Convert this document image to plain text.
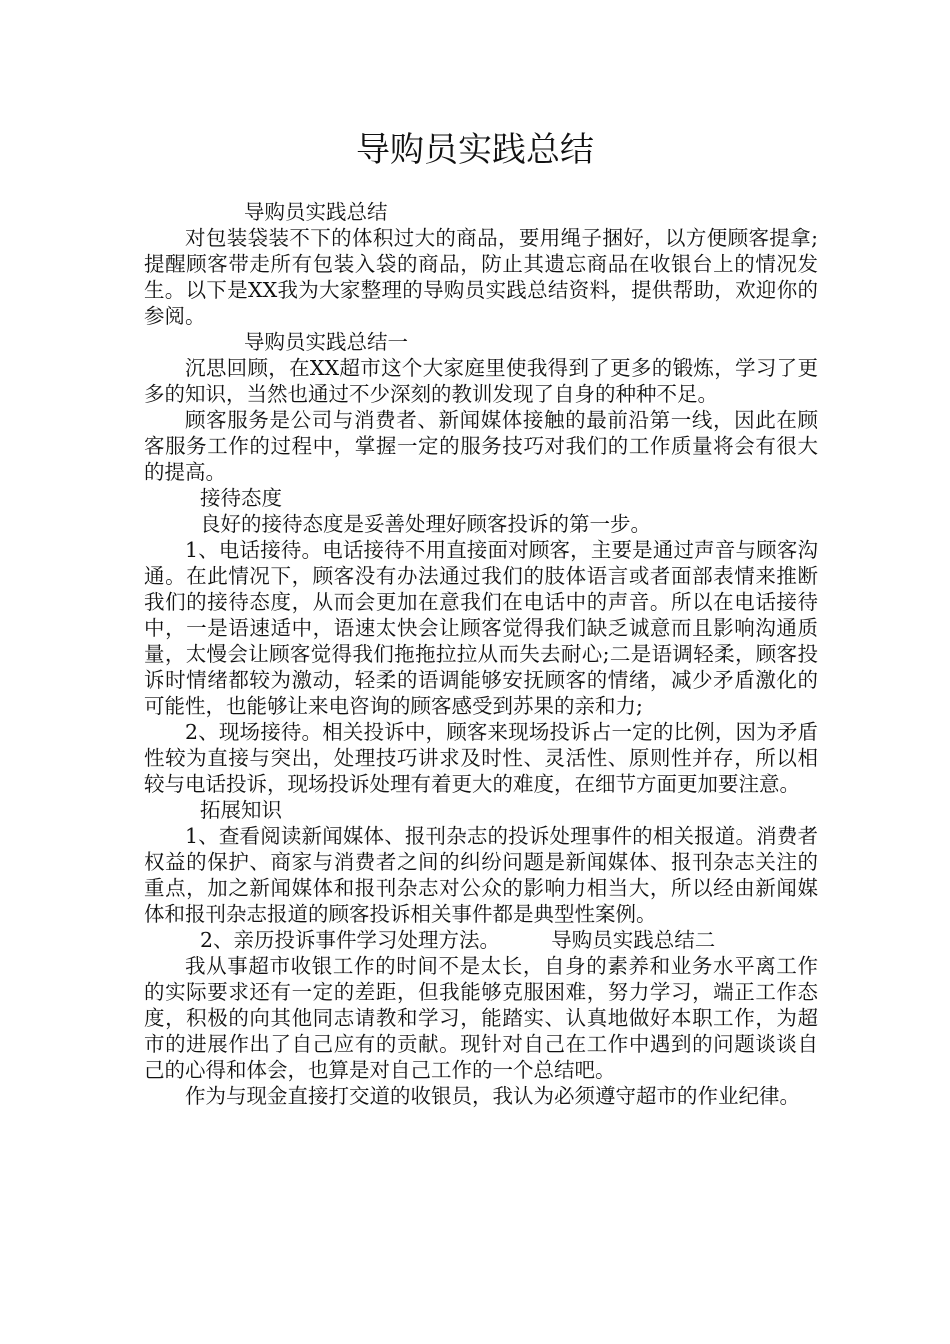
导购员实践总结

导购员实践总结

对包装袋装不下的体积过大的商品，要用绳子捆好，以方便顾客提拿;提醒顾客带走所有包装入袋的商品，防止其遗忘商品在收银台上的情况发生。以下是XX我为大家整理的导购员实践总结资料，提供帮助，欢迎你的参阅。

导购员实践总结一

沉思回顾，在XX超市这个大家庭里使我得到了更多的锻炼，学习了更多的知识，当然也通过不少深刻的教训发现了自身的种种不足。

顾客服务是公司与消费者、新闻媒体接触的最前沿第一线，因此在顾客服务工作的过程中，掌握一定的服务技巧对我们的工作质量将会有很大的提高。

接待态度

良好的接待态度是妥善处理好顾客投诉的第一步。

1、电话接待。电话接待不用直接面对顾客，主要是通过声音与顾客沟通。在此情况下，顾客没有办法通过我们的肢体语言或者面部表情来推断我们的接待态度，从而会更加在意我们在电话中的声音。所以在电话接待中，一是语速适中，语速太快会让顾客觉得我们缺乏诚意而且影响沟通质量，太慢会让顾客觉得我们拖拖拉拉从而失去耐心;二是语调轻柔，顾客投诉时情绪都较为激动，轻柔的语调能够安抚顾客的情绪，减少矛盾激化的可能性，也能够让来电咨询的顾客感受到苏果的亲和力;

2、现场接待。相关投诉中，顾客来现场投诉占一定的比例，因为矛盾性较为直接与突出，处理技巧讲求及时性、灵活性、原则性并存，所以相较与电话投诉，现场投诉处理有着更大的难度，在细节方面更加要注意。

拓展知识

1、查看阅读新闻媒体、报刊杂志的投诉处理事件的相关报道。消费者权益的保护、商家与消费者之间的纠纷问题是新闻媒体、报刊杂志关注的重点，加之新闻媒体和报刊杂志对公众的影响力相当大，所以经由新闻媒体和报刊杂志报道的顾客投诉相关事件都是典型性案例。

2、亲历投诉事件学习处理方法。　　　导购员实践总结二

我从事超市收银工作的时间不是太长，自身的素养和业务水平离工作的实际要求还有一定的差距，但我能够克服困难，努力学习，端正工作态度，积极的向其他同志请教和学习，能踏实、认真地做好本职工作，为超市的进展作出了自己应有的贡献。现针对自己在工作中遇到的问题谈谈自己的心得和体会，也算是对自己工作的一个总结吧。

作为与现金直接打交道的收银员，我认为必须遵守超市的作业纪律。
